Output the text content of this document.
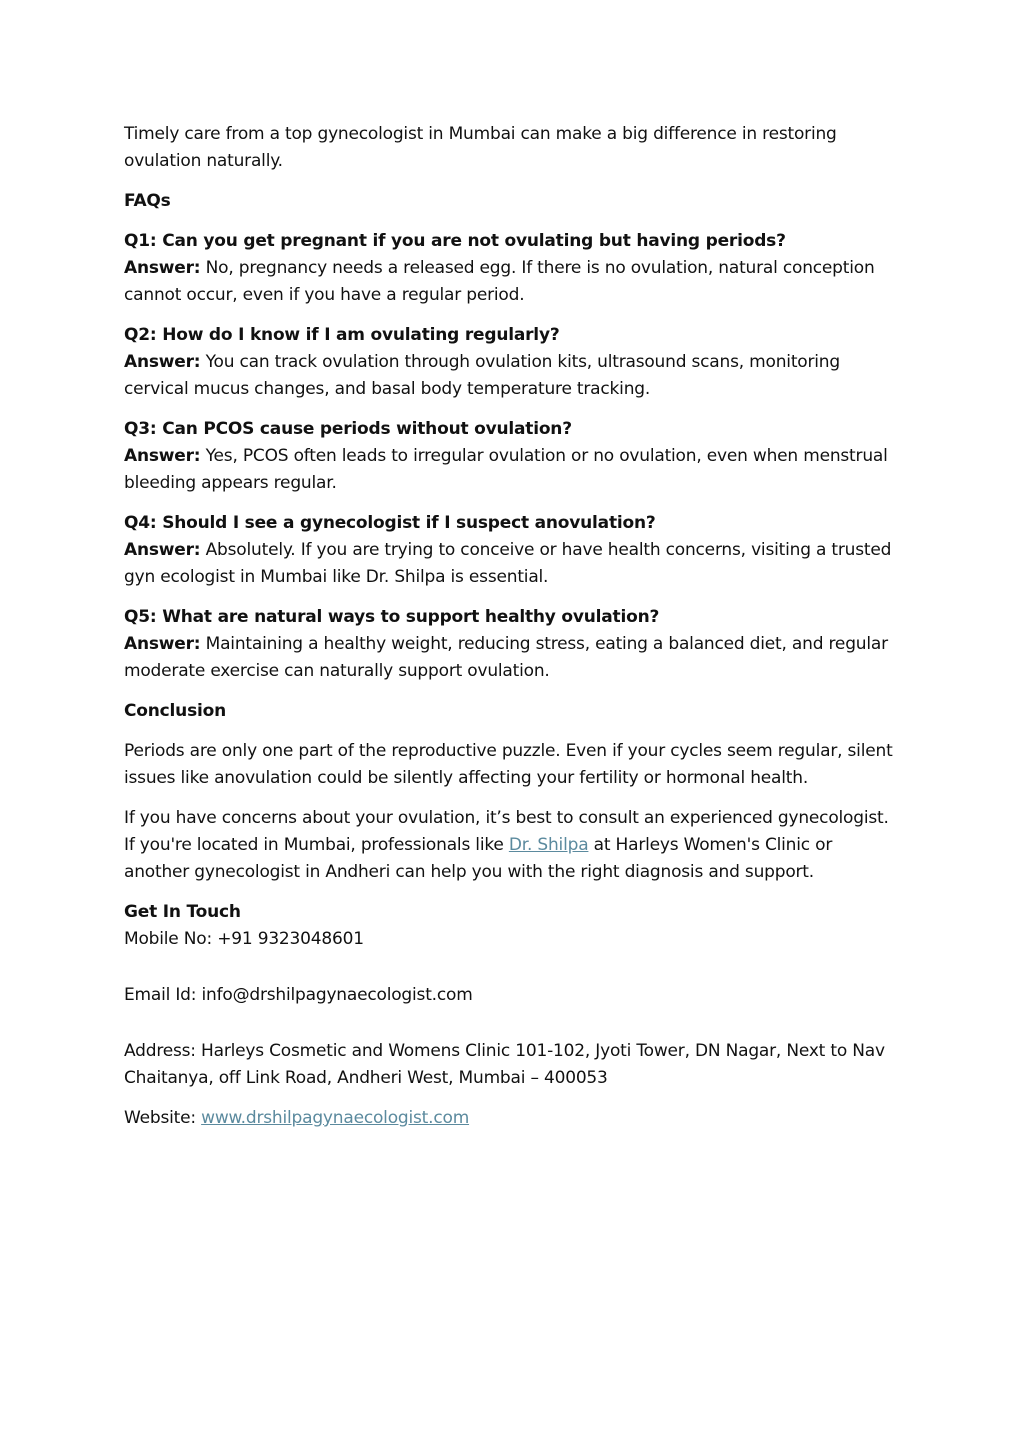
Timely care from a top gynecologist in Mumbai can make a big difference in restoring ovulation naturally.

FAQs

Q1: Can you get pregnant if you are not ovulating but having periods?
Answer: No, pregnancy needs a released egg. If there is no ovulation, natural conception cannot occur, even if you have a regular period.
Q2: How do I know if I am ovulating regularly?
Answer: You can track ovulation through ovulation kits, ultrasound scans, monitoring cervical mucus changes, and basal body temperature tracking.
Q3: Can PCOS cause periods without ovulation?
Answer: Yes, PCOS often leads to irregular ovulation or no ovulation, even when menstrual bleeding appears regular.
Q4: Should I see a gynecologist if I suspect anovulation?
Answer: Absolutely. If you are trying to conceive or have health concerns, visiting a trusted gyn ecologist in Mumbai like Dr. Shilpa is essential.
Q5: What are natural ways to support healthy ovulation?
Answer: Maintaining a healthy weight, reducing stress, eating a balanced diet, and regular moderate exercise can naturally support ovulation.

Conclusion

Periods are only one part of the reproductive puzzle. Even if your cycles seem regular, silent issues like anovulation could be silently affecting your fertility or hormonal health.

If you have concerns about your ovulation, it’s best to consult an experienced gynecologist. If you're located in Mumbai, professionals like Dr. Shilpa at Harleys Women's Clinic or another gynecologist in Andheri can help you with the right diagnosis and support.

Get In Touch

Mobile No: +91 9323048601

Email Id: info@drshilpagynaecologist.com

Address: Harleys Cosmetic and Womens Clinic 101-102, Jyoti Tower, DN Nagar, Next to Nav Chaitanya, off Link Road, Andheri West, Mumbai – 400053

Website: www.drshilpagynaecologist.com
